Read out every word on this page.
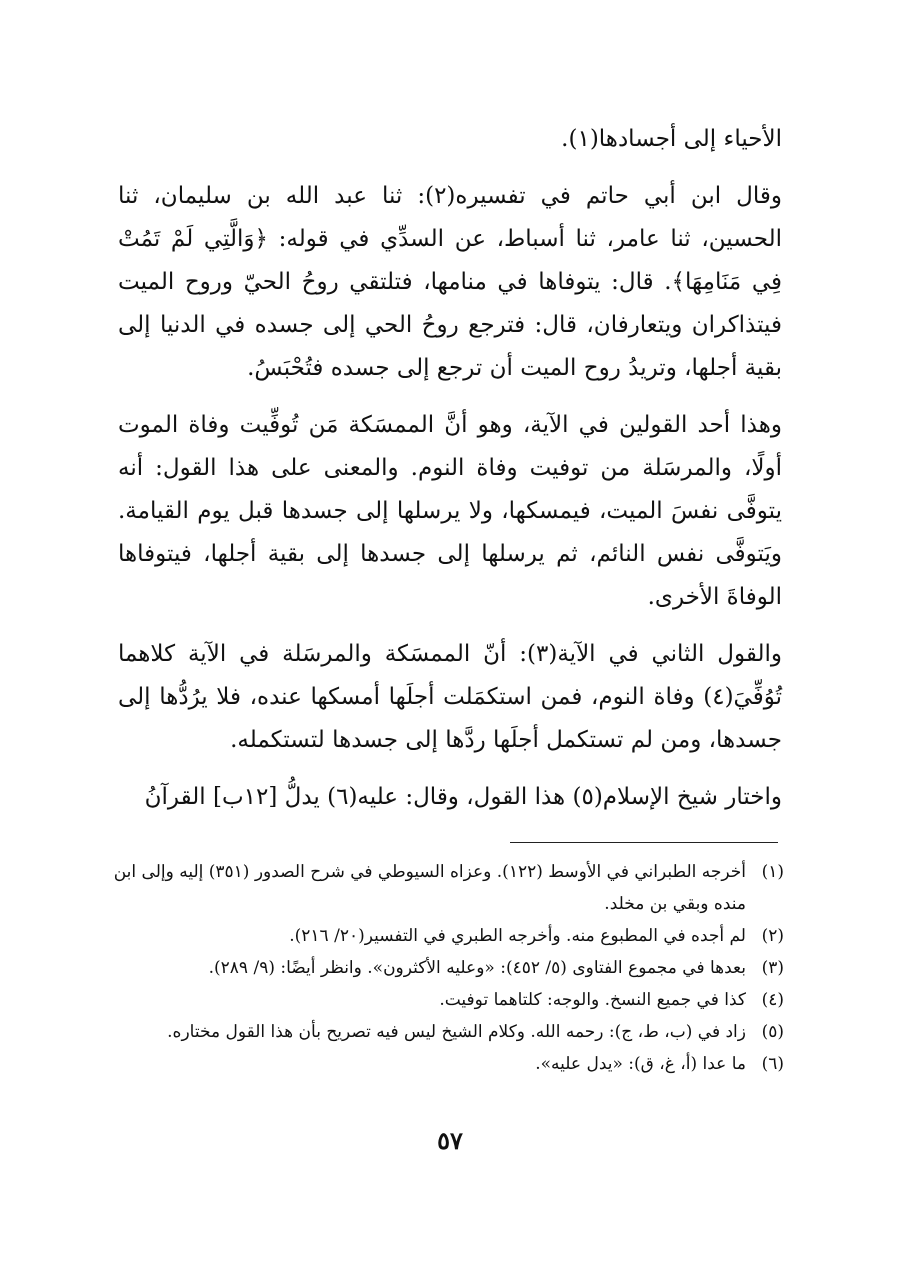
الأحياء إلى أجسادها(١).

وقال ابن أبي حاتم في تفسيره(٢): ثنا عبد الله بن سليمان، ثنا الحسين، ثنا عامر، ثنا أسباط، عن السدِّي في قوله: ﴿وَالَّتِي لَمْ تَمُتْ فِي مَنَامِهَا﴾. قال: يتوفاها في منامها، فتلتقي روحُ الحيّ وروح الميت فيتذاكران ويتعارفان، قال: فترجع روحُ الحي إلى جسده في الدنيا إلى بقية أجلها، وتريدُ روح الميت أن ترجع إلى جسده فتُحْبَسُ.

وهذا أحد القولين في الآية، وهو أنَّ الممسَكة مَن تُوفِّيت وفاة الموت أولًا، والمرسَلة من توفيت وفاة النوم. والمعنى على هذا القول: أنه يتوفَّى نفسَ الميت، فيمسكها، ولا يرسلها إلى جسدها قبل يوم القيامة. ويَتوفَّى نفس النائم، ثم يرسلها إلى جسدها إلى بقية أجلها، فيتوفاها الوفاةَ الأخرى.

والقول الثاني في الآية(٣): أنّ الممسَكة والمرسَلة في الآية كلاهما تُوُفِّيَ(٤) وفاة النوم، فمن استكمَلت أجلَها أمسكها عنده، فلا يرُدُّها إلى جسدها، ومن لم تستكمل أجلَها ردَّها إلى جسدها لتستكمله.

واختار شيخ الإسلام(٥) هذا القول، وقال: عليه(٦) يدلُّ [١٢ب] القرآنُ

(١)
أخرجه الطبراني في الأوسط (١٢٢). وعزاه السيوطي في شرح الصدور (٣٥١) إليه وإلى ابن منده وبقي بن مخلد.
(٢)
لم أجده في المطبوع منه. وأخرجه الطبري في التفسير(٢٠/ ٢١٦).
(٣)
بعدها في مجموع الفتاوى (٥/ ٤٥٢): «وعليه الأكثرون». وانظر أيضًا: (٩/ ٢٨٩).
(٤)
كذا في جميع النسخ. والوجه: كلتاهما توفيت.
(٥)
زاد في (ب، ط، ج): رحمه الله. وكلام الشيخ ليس فيه تصريح بأن هذا القول مختاره.
(٦)
ما عدا (أ، غ، ق): «يدل عليه».
٥٧
